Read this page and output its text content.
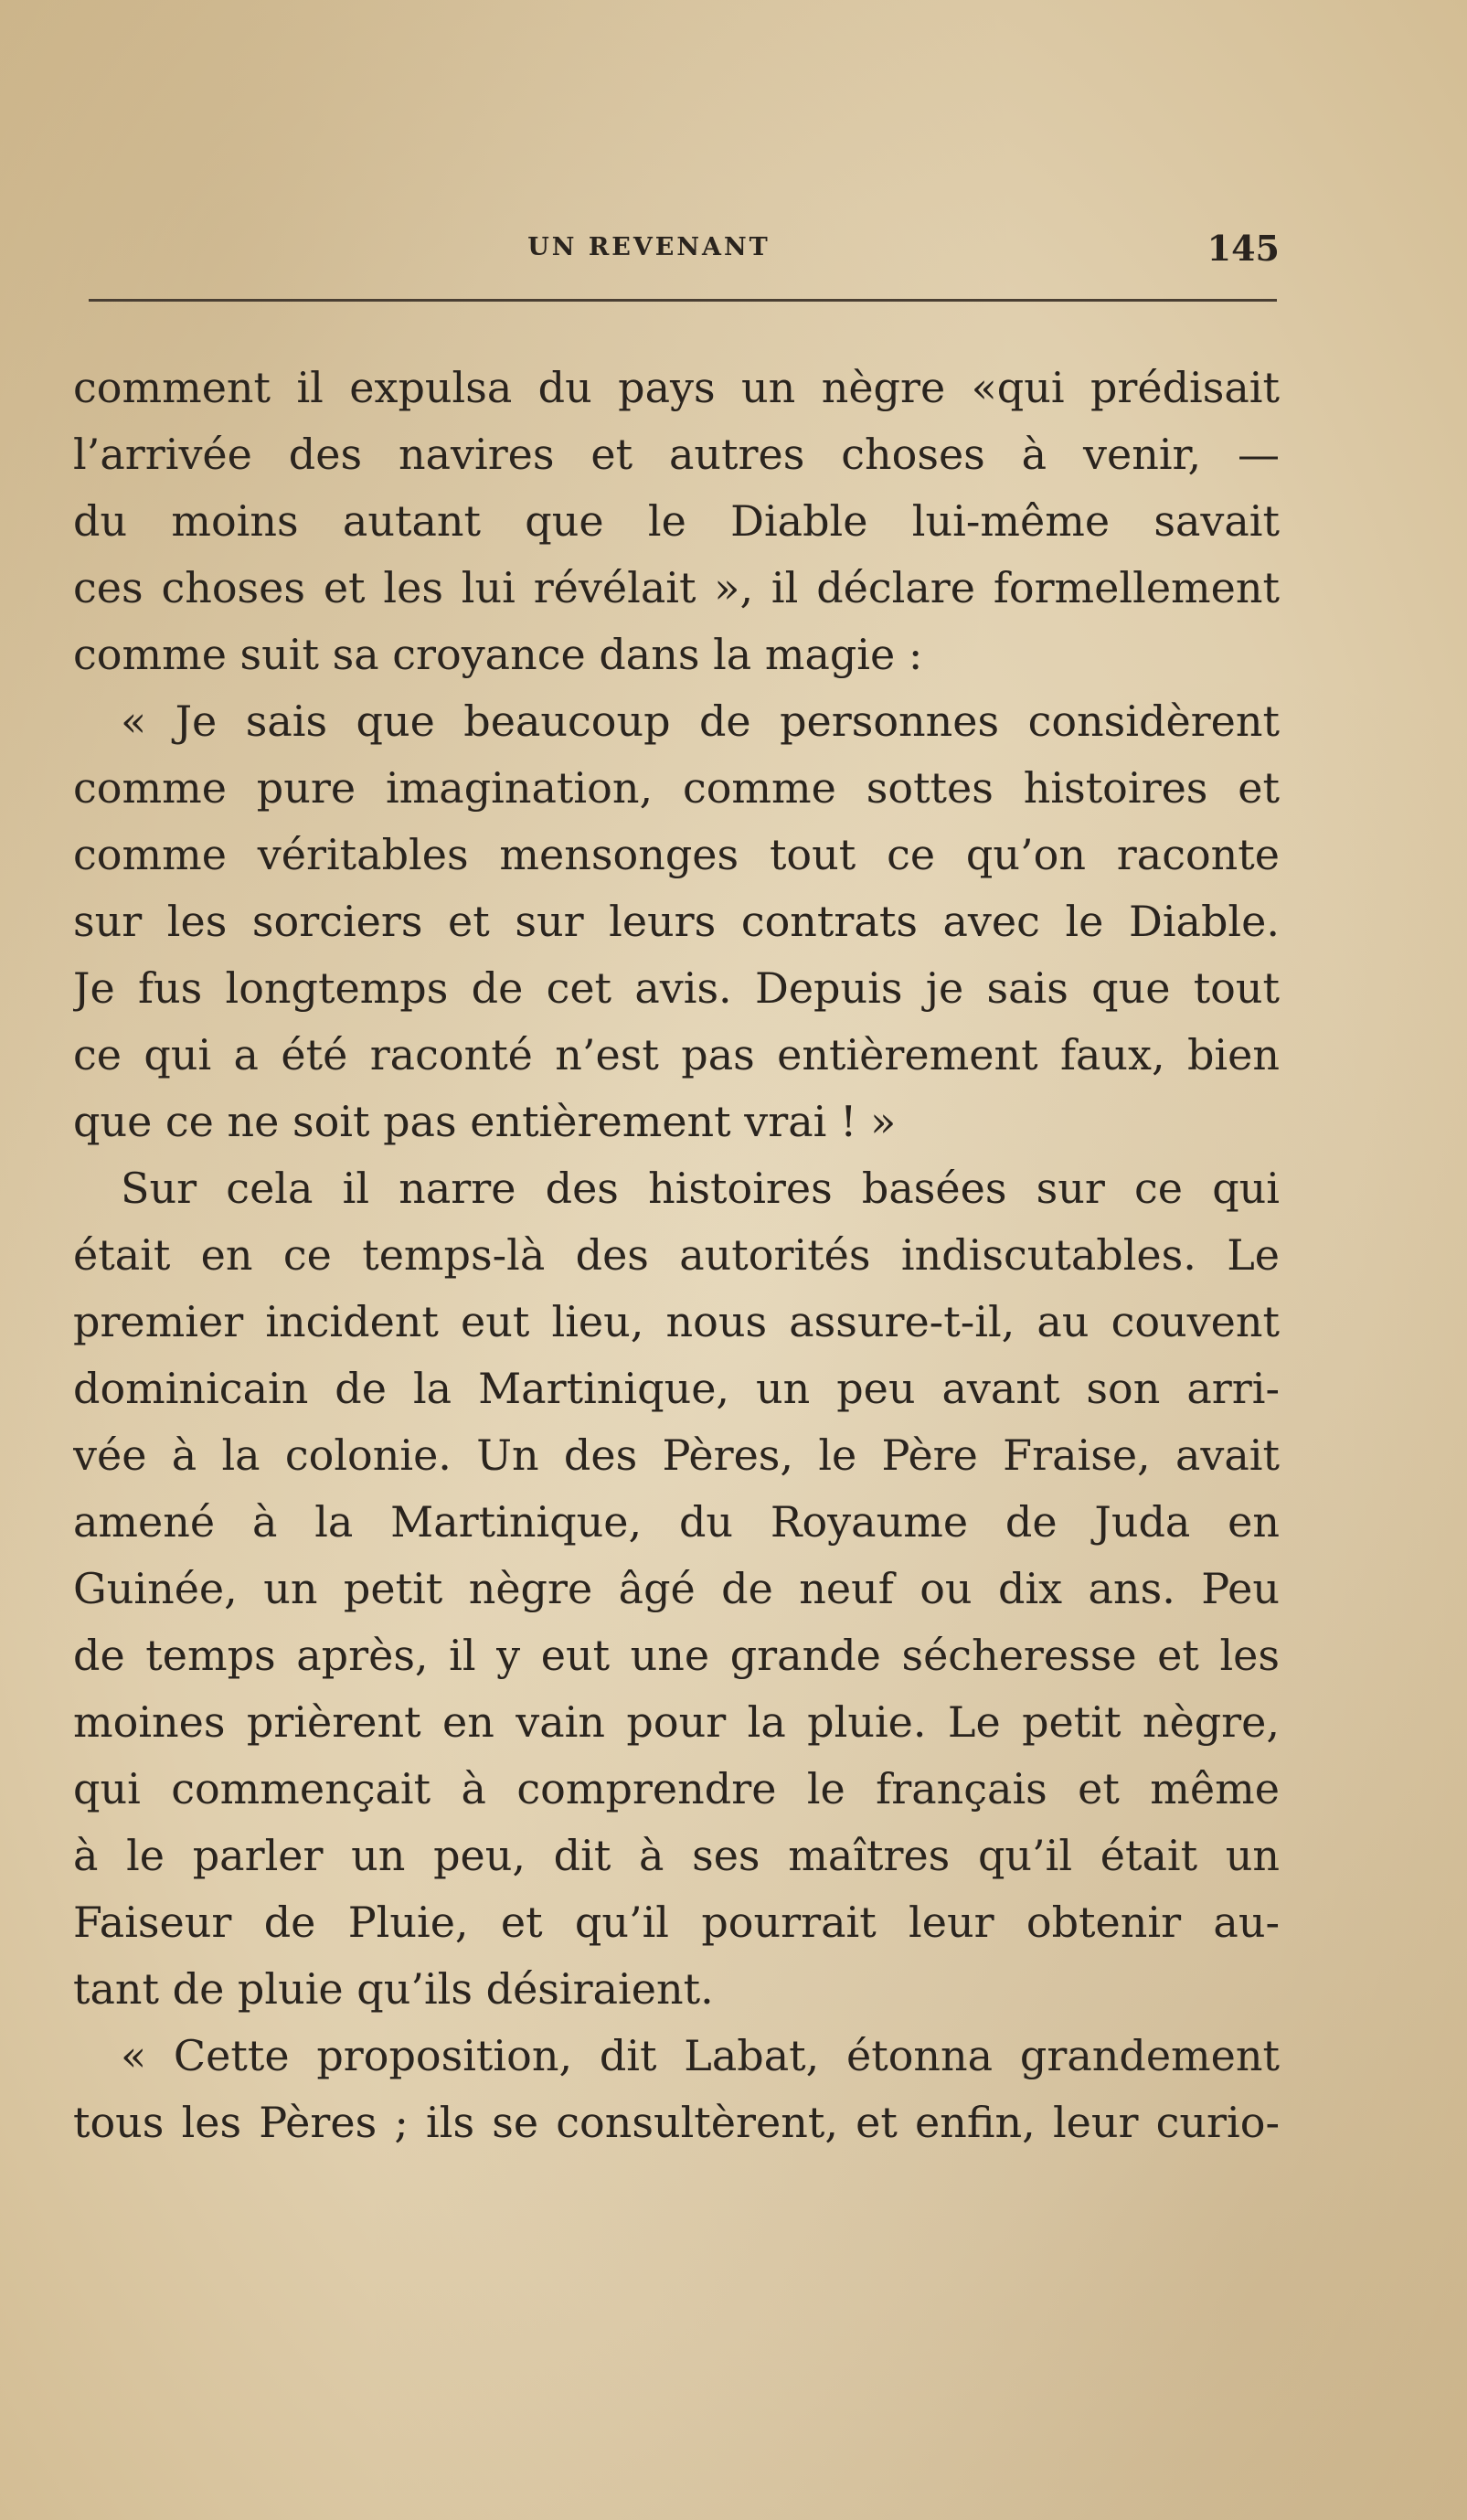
UN REVENANT	145
comment il expulsa du pays un nègre «qui prédisait
l’arrivée des navires et autres choses à venir, —
du moins autant que le Diable lui-même savait
ces choses et les lui révélait », il déclare formellement
comme suit sa croyance dans la magie :
« Je sais que beaucoup de personnes considèrent
comme pure imagination, comme sottes histoires et
comme véritables mensonges tout ce qu’on raconte
sur les sorciers et sur leurs contrats avec le Diable.
Je fus longtemps de cet avis. Depuis je sais que tout
ce qui a été raconté n’est pas entièrement faux, bien
que ce ne soit pas entièrement vrai ! »
Sur cela il narre des histoires basées sur ce qui
était en ce temps-là des autorités indiscutables. Le
premier incident eut lieu, nous assure-t-il, au couvent
dominicain de la Martinique, un peu avant son arri-
vée à la colonie. Un des Pères, le Père Fraise, avait
amené à la Martinique, du Royaume de Juda en
Guinée, un petit nègre âgé de neuf ou dix ans. Peu
de temps après, il y eut une grande sécheresse et les
moines prièrent en vain pour la pluie. Le petit nègre,
qui commençait à comprendre le français et même
à le parler un peu, dit à ses maîtres qu’il était un
Faiseur de Pluie, et qu’il pourrait leur obtenir au-
tant de pluie qu’ils désiraient.
« Cette proposition, dit Labat, étonna grandement
tous les Pères ; ils se consultèrent, et enfin, leur curio-
